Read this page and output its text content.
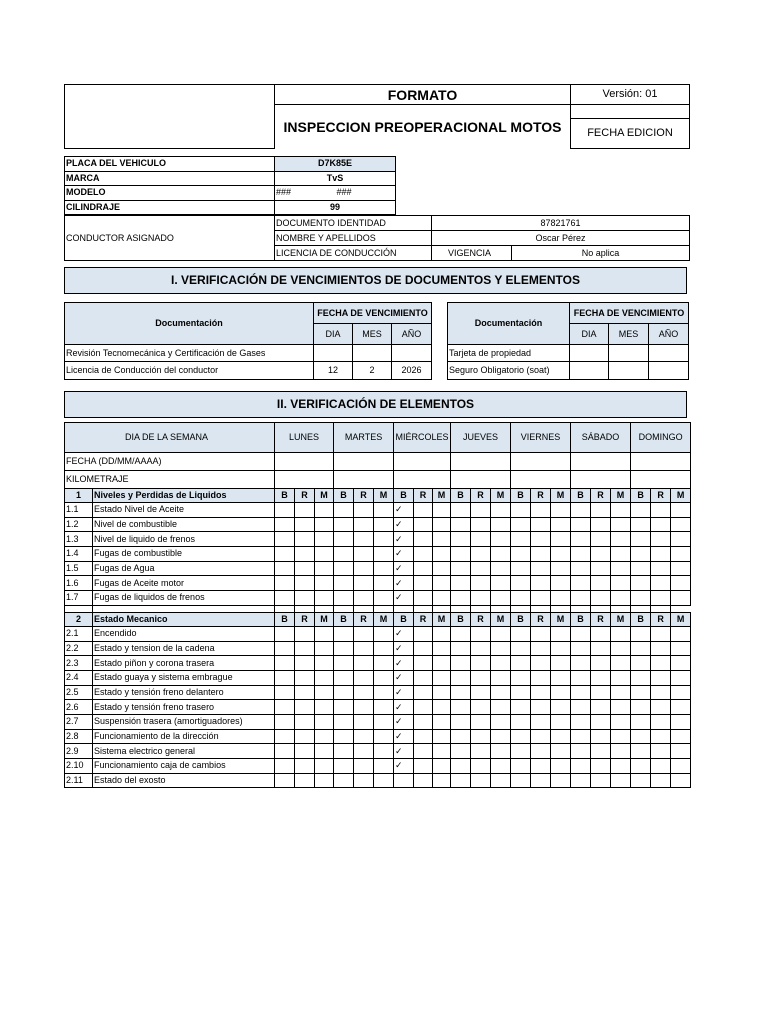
	FORMATO	Versión: 01
	INSPECCION PREOPERACIONAL MOTOS	
		FECHA EDICION
PLACA DEL VEHICULO	D7K85E	
MARCA	TvS	
MODELO	###	###
CILINDRAJE	99	
CONDUCTOR ASIGNADO	DOCUMENTO IDENTIDAD	87821761	
	NOMBRE Y APELLIDOS	Oscar Pérez	
	LICENCIA DE CONDUCCIÓN	VIGENCIA	No aplica
I. VERIFICACIÓN DE VENCIMIENTOS DE DOCUMENTOS Y ELEMENTOS
Documentación	FECHA DE VENCIMIENTO		
	DIA	MES	AÑO
Revisión Tecnomecánica y Certificación de Gases			
Licencia de Conducción del conductor	12	2	2026
Documentación	FECHA DE VENCIMIENTO		
	DIA	MES	AÑO
Tarjeta de propiedad			
Seguro Obligatorio (soat)			
II. VERIFICACIÓN DE ELEMENTOS
DIA DE LA SEMANA		LUNES			MARTES			MIÉRCOLES			JUEVES			VIERNES			SÁBADO			DOMINGO		
FECHA (DD/MM/AAAA)																						
KILOMETRAJE																						
1	Niveles y Perdidas de Liquidos	B	R	M	B	R	M	B	R	M	B	R	M	B	R	M	B	R	M	B	R	M
1.1	Estado Nivel de Aceite							✓														
1.2	Nivel de combustible							✓														
1.3	Nivel de liquido de frenos							✓														
1.4	Fugas de combustible							✓														
1.5	Fugas de Agua							✓														
1.6	Fugas de Aceite motor							✓														
1.7	Fugas de liquidos de frenos							✓														

2	Estado Mecanico	B	R	M	B	R	M	B	R	M	B	R	M	B	R	M	B	R	M	B	R	M
2.1	Encendido							✓														
2.2	Estado y tension de la cadena							✓														
2.3	Estado piñon y corona trasera							✓														
2.4	Estado guaya y sistema embrague							✓														
2.5	Estado y tensión freno delantero							✓														
2.6	Estado y tensión freno trasero							✓														
2.7	Suspensión trasera (amortiguadores)							✓														
2.8	Funcionamiento de la dirección							✓														
2.9	Sistema electrico general							✓														
2.10	Funcionamiento caja de cambios							✓														
2.11	Estado del exosto																					
